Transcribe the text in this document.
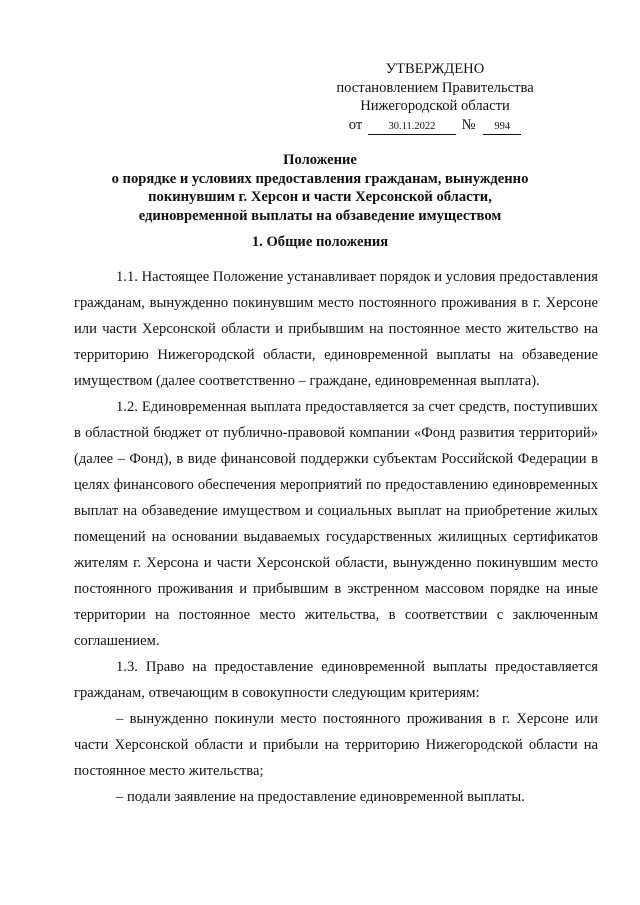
УТВЕРЖДЕНО
постановлением Правительства
Нижегородской области
от 30.11.2022 № 994
Положение
о порядке и условиях предоставления гражданам, вынужденно
покинувшим г. Херсон и части Херсонской области,
единовременной выплаты на обзаведение имуществом
1. Общие положения

1.1. Настоящее Положение устанавливает порядок и условия предоставления гражданам, вынужденно покинувшим место постоянного проживания в г. Херсоне или части Херсонской области и прибывшим на постоянное место жительство на территорию Нижегородской области, единовременной выплаты на обзаведение имуществом (далее соответственно – граждане, единовременная выплата).

1.2. Единовременная выплата предоставляется за счет средств, поступивших в областной бюджет от публично-правовой компании «Фонд развития территорий» (далее – Фонд), в виде финансовой поддержки субъектам Российской Федерации в целях финансового обеспечения мероприятий по предоставлению единовременных выплат на обзаведение имуществом и социальных выплат на приобретение жилых помещений на основании выдаваемых государственных жилищных сертификатов жителям г. Херсона и части Херсонской области, вынужденно покинувшим место постоянного проживания и прибывшим в экстренном массовом порядке на иные территории на постоянное место жительства, в соответствии с заключенным соглашением.

1.3. Право на предоставление единовременной выплаты предоставляется гражданам, отвечающим в совокупности следующим критериям:

– вынужденно покинули место постоянного проживания в г. Херсоне или части Херсонской области и прибыли на территорию Нижегородской области на постоянное место жительства;

– подали заявление на предоставление единовременной выплаты.
